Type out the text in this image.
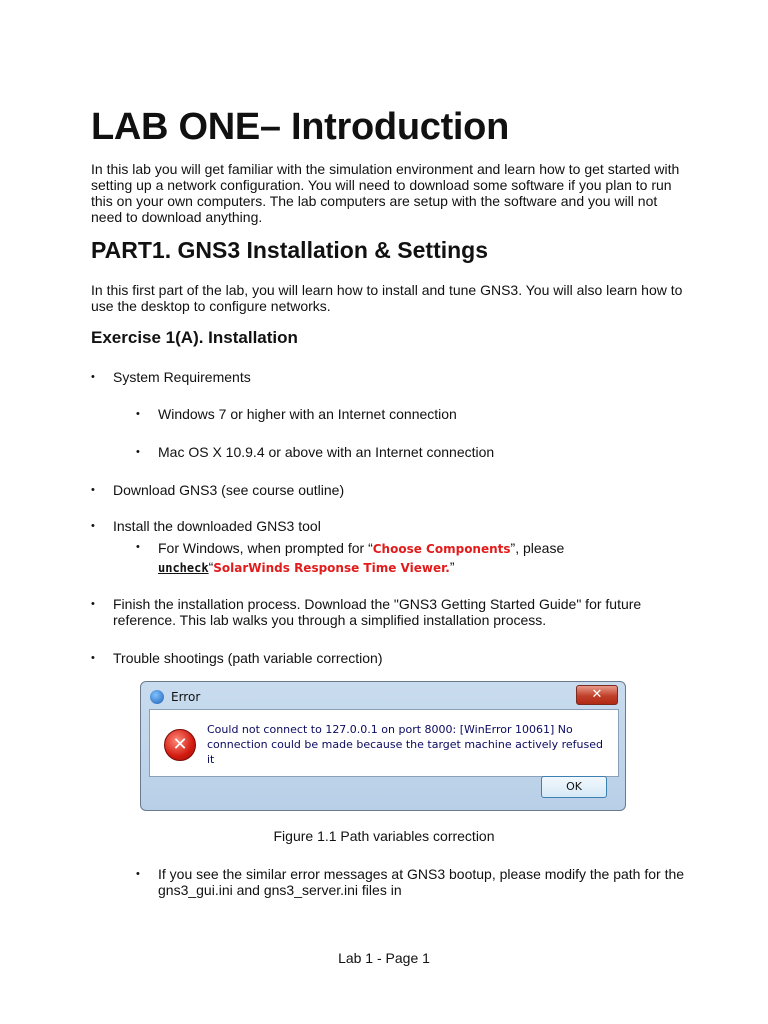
LAB ONE– Introduction
In this lab you will get familiar with the simulation environment and learn how to get started with setting up a network configuration. You will need to download some software if you plan to run this on your own computers. The lab computers are setup with the software and you will not need to download anything.
PART1. GNS3 Installation & Settings
In this first part of the lab, you will learn how to install and tune GNS3. You will also learn how to use the desktop to configure networks.
Exercise 1(A). Installation
• System Requirements
• Windows 7 or higher with an Internet connection
• Mac OS X 10.9.4 or above with an Internet connection
• Download GNS3 (see course outline)
• Install the downloaded GNS3 tool
• For Windows, when prompted for “Choose Components”, please uncheck“SolarWinds Response Time Viewer.”
• Finish the installation process. Download the "GNS3 Getting Started Guide" for future reference. This lab walks you through a simplified installation process.
• Trouble shootings (path variable correction)
Error	✕
✕
Could not connect to 127.0.0.1 on port 8000: [WinError 10061] No connection could be made because the target machine actively refused it
OK
Figure 1.1 Path variables correction
• If you see the similar error messages at GNS3 bootup, please modify the path for the gns3_gui.ini and gns3_server.ini files in
Lab 1 - Page 1
